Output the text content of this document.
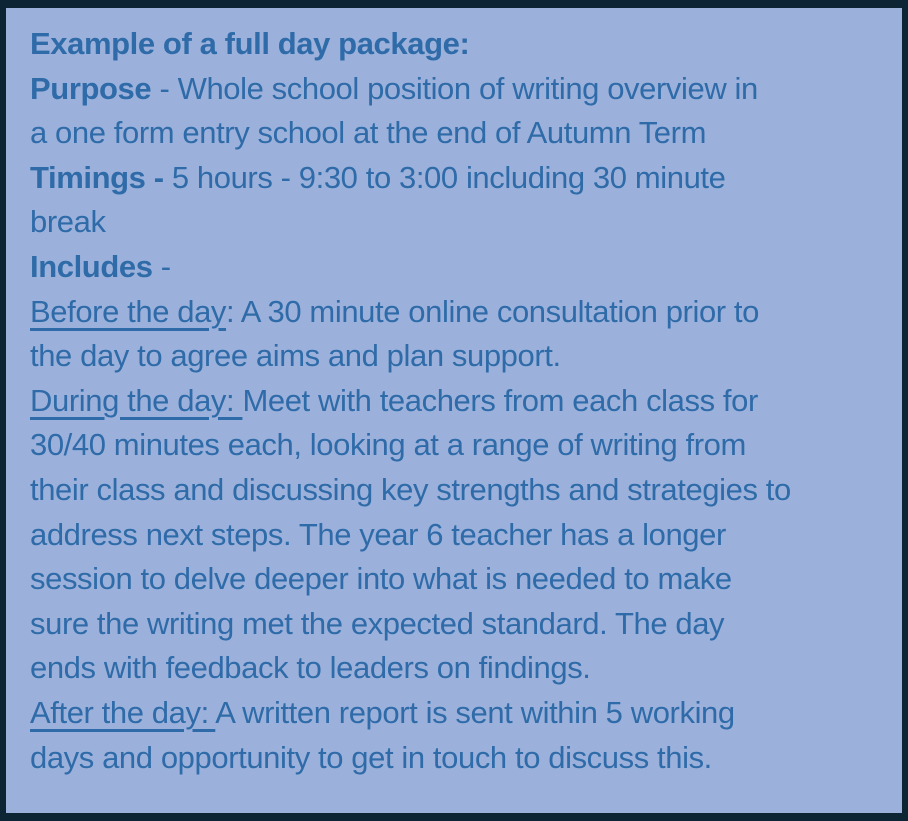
Example of a full day package:
Purpose - Whole school position of writing overview in
a one form entry school at the end of Autumn Term
Timings - 5 hours - 9:30 to 3:00 including 30 minute
break
Includes -
Before the day: A 30 minute online consultation prior to
the day to agree aims and plan support.
During the day: Meet with teachers from each class for
30/40 minutes each, looking at a range of writing from
their class and discussing key strengths and strategies to
address next steps. The year 6 teacher has a longer
session to delve deeper into what is needed to make
sure the writing met the expected standard. The day
ends with feedback to leaders on findings.
After the day: A written report is sent within 5 working
days and opportunity to get in touch to discuss this.
